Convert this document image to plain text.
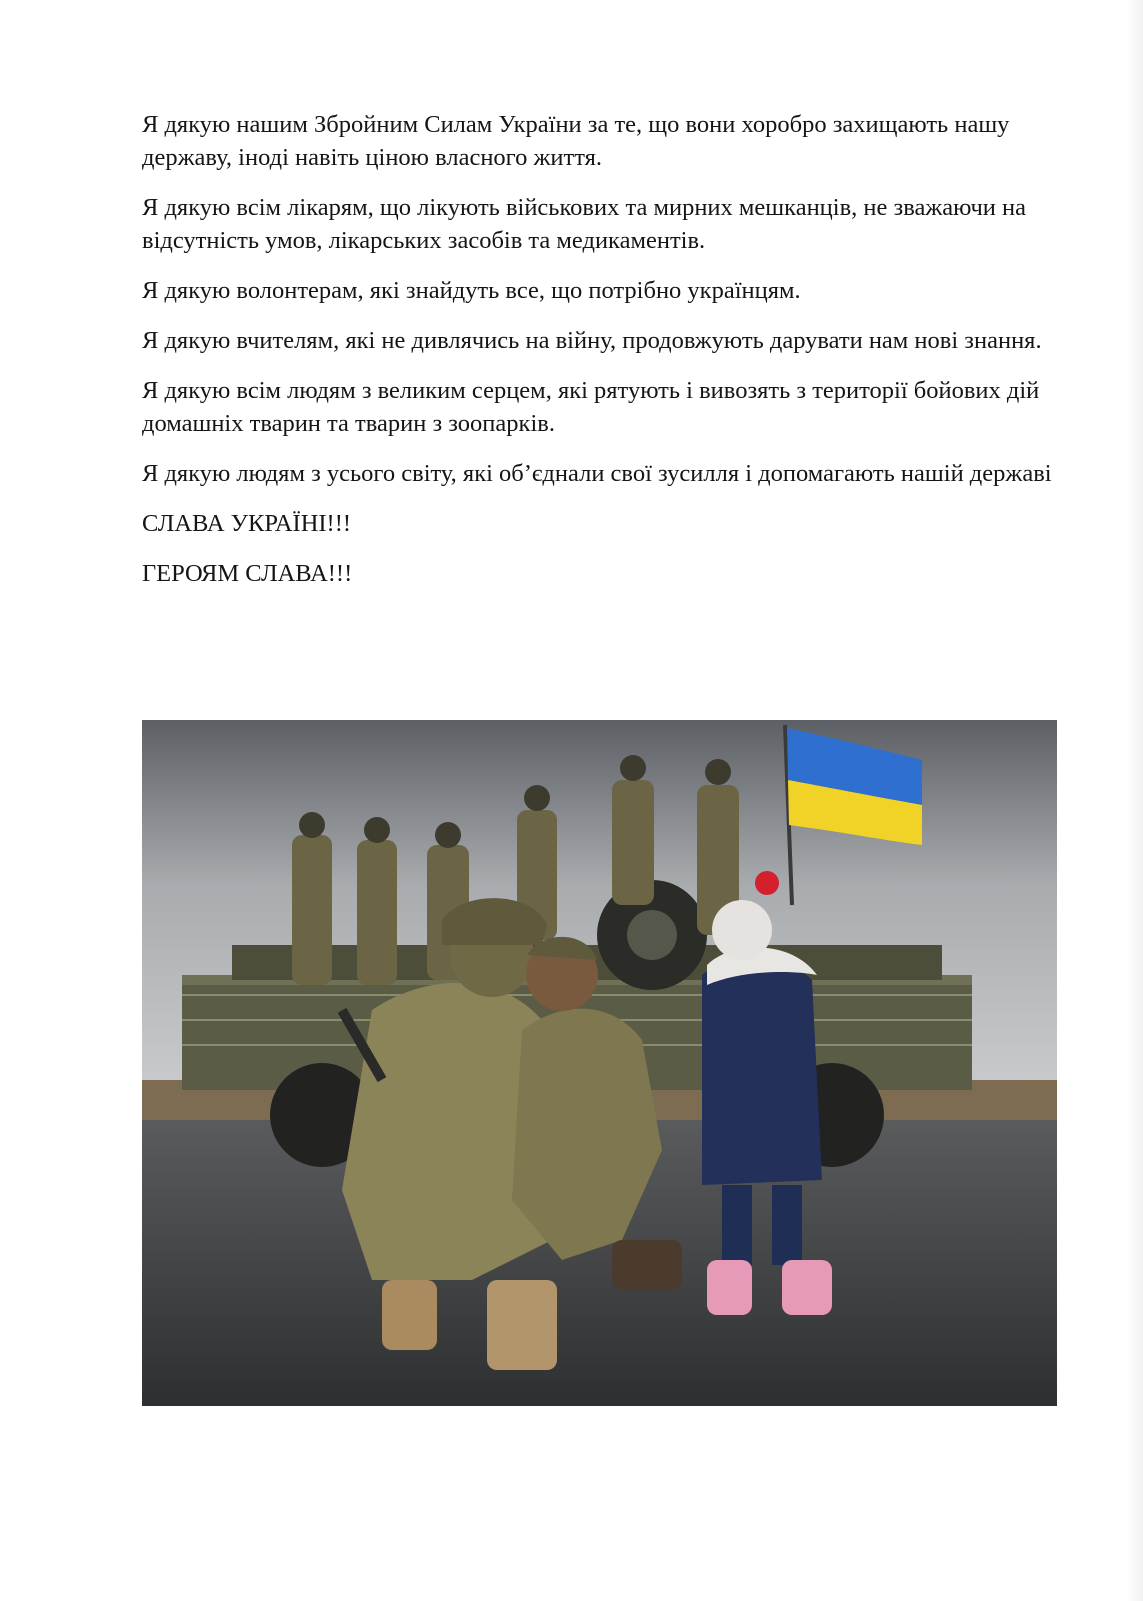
Я дякую нашим Збройним Силам України за те, що вони хоробро захищають нашу державу, іноді навіть ціною власного життя.

Я дякую всім лікарям, що лікують військових та мирних мешканців, не зважаючи на відсутність умов, лікарських засобів та медикаментів.

Я дякую волонтерам, які знайдуть все, що потрібно українцям.

Я дякую вчителям, які не дивлячись на війну, продовжують дарувати нам нові знання.

Я дякую всім людям з великим серцем, які рятують і вивозять з території бойових дій домашніх тварин та тварин з зоопарків.

Я дякую людям з усього світу, які об’єднали свої зусилля і допомагають нашій державі

СЛАВА УКРАЇНІ!!!

ГЕРОЯМ СЛАВА!!!
